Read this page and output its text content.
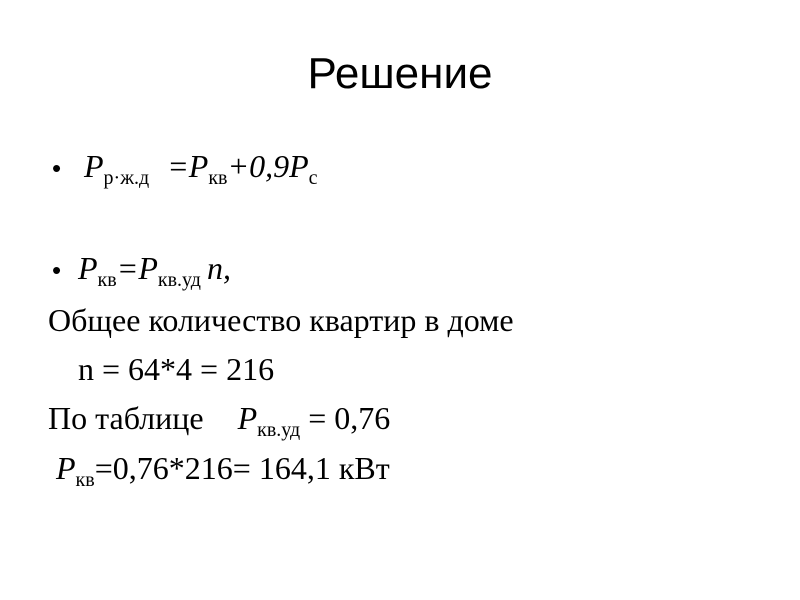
Решение
• $P_{р\cdot ж.д} =P_{кв}+0,9P_с$
• $P_{кв}=P_{кв.уд}$ n,
Общее количество квартир в доме
n = 64*4 = 216
По таблице $P_{кв.уд} = 0,76$
$P_{кв}=0,76*216= 164,1$ кВт
